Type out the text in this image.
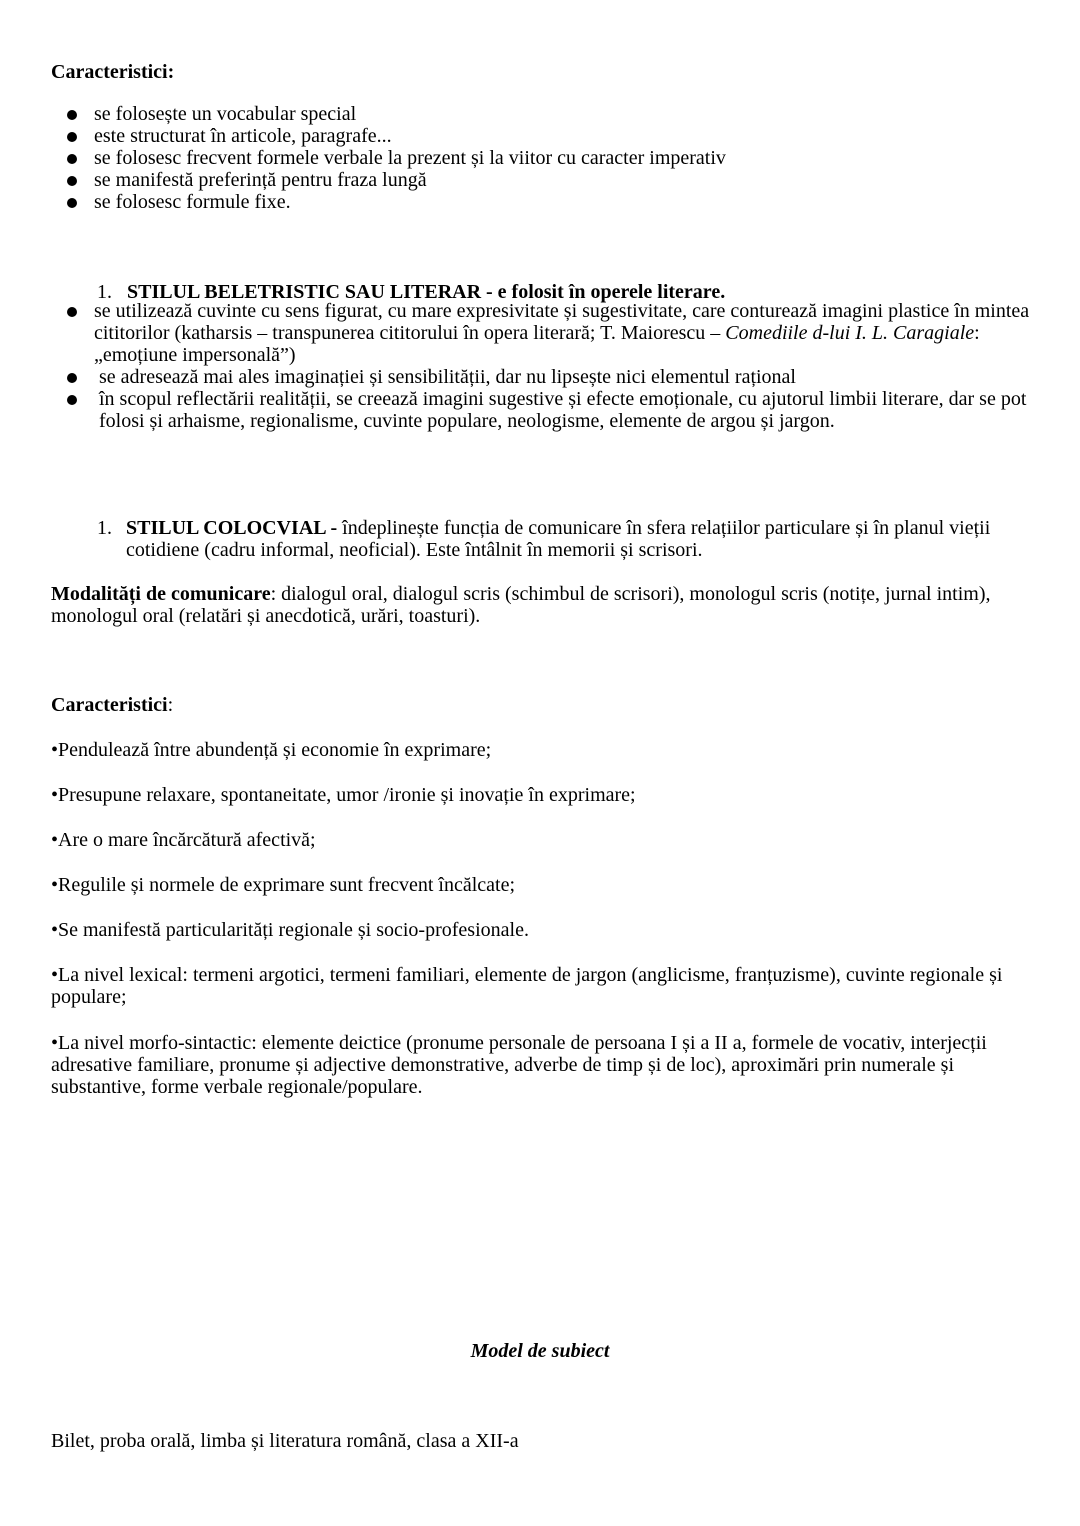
Caracteristici:
se folosește un vocabular special
este structurat în articole, paragrafe...
se folosesc frecvent formele verbale la prezent și la viitor cu caracter imperativ
se manifestă preferință pentru fraza lungă
se folosesc formule fixe.
1. STILUL BELETRISTIC SAU LITERAR - e folosit în operele literare.
se utilizează cuvinte cu sens figurat, cu mare expresivitate și sugestivitate, care conturează imagini plastice în mintea cititorilor (katharsis – transpunerea cititorului în opera literară; T. Maiorescu – Comediile d-lui I. L. Caragiale: „emoțiune impersonală”)
se adresează mai ales imaginației și sensibilității, dar nu lipsește nici elementul rațional
în scopul reflectării realității, se creează imagini sugestive și efecte emoționale, cu ajutorul limbii literare, dar se pot folosi și arhaisme, regionalisme, cuvinte populare, neologisme, elemente de argou și jargon.
1. STILUL COLOCVIAL - îndeplinește funcția de comunicare în sfera relațiilor particulare și în planul vieții cotidiene (cadru informal, neoficial). Este întâlnit în memorii și scrisori.
Modalități de comunicare: dialogul oral, dialogul scris (schimbul de scrisori), monologul scris (notițe, jurnal intim), monologul oral (relatări și anecdotică, urări, toasturi).
Caracteristici:
•Pendulează între abundență și economie în exprimare;
•Presupune relaxare, spontaneitate, umor /ironie și inovație în exprimare;
•Are o mare încărcătură afectivă;
•Regulile și normele de exprimare sunt frecvent încălcate;
•Se manifestă particularități regionale și socio-profesionale.
•La nivel lexical: termeni argotici, termeni familiari, elemente de jargon (anglicisme, franțuzisme), cuvinte regionale și populare;
•La nivel morfo-sintactic: elemente deictice (pronume personale de persoana I și a II a, formele de vocativ, interjecții adresative familiare, pronume și adjective demonstrative, adverbe de timp și de loc), aproximări prin numerale și substantive, forme verbale regionale/populare.
Model de subiect
Bilet, proba orală, limba și literatura română, clasa a XII-a
